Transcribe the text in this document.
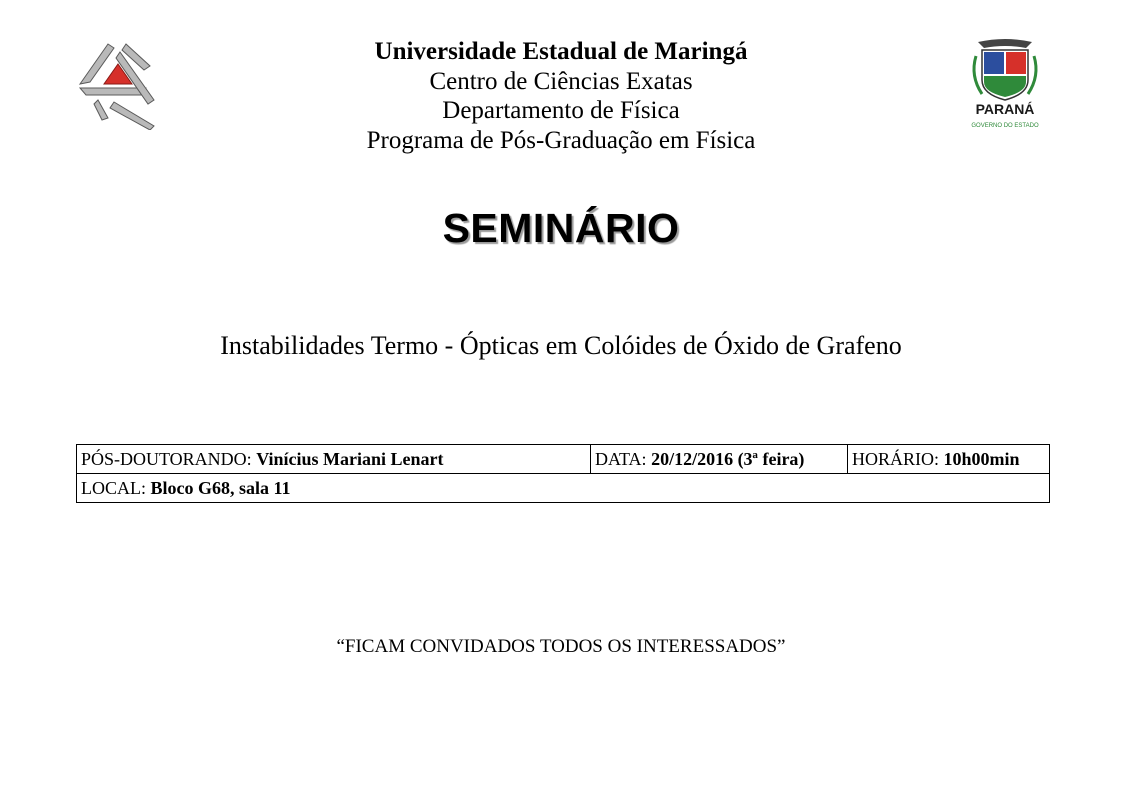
PARANÁ
GOVERNO DO ESTADO
Universidade Estadual de Maringá
Centro de Ciências Exatas
Departamento de Física
Programa de Pós-Graduação em Física
SEMINÁRIO
Instabilidades Termo - Ópticas em Colóides de Óxido de Grafeno
PÓS-DOUTORANDO: Vinícius Mariani Lenart	DATA: 20/12/2016 (3ª feira)	HORÁRIO: 10h00min
LOCAL: Bloco G68, sala 11
“FICAM CONVIDADOS TODOS OS INTERESSADOS”
